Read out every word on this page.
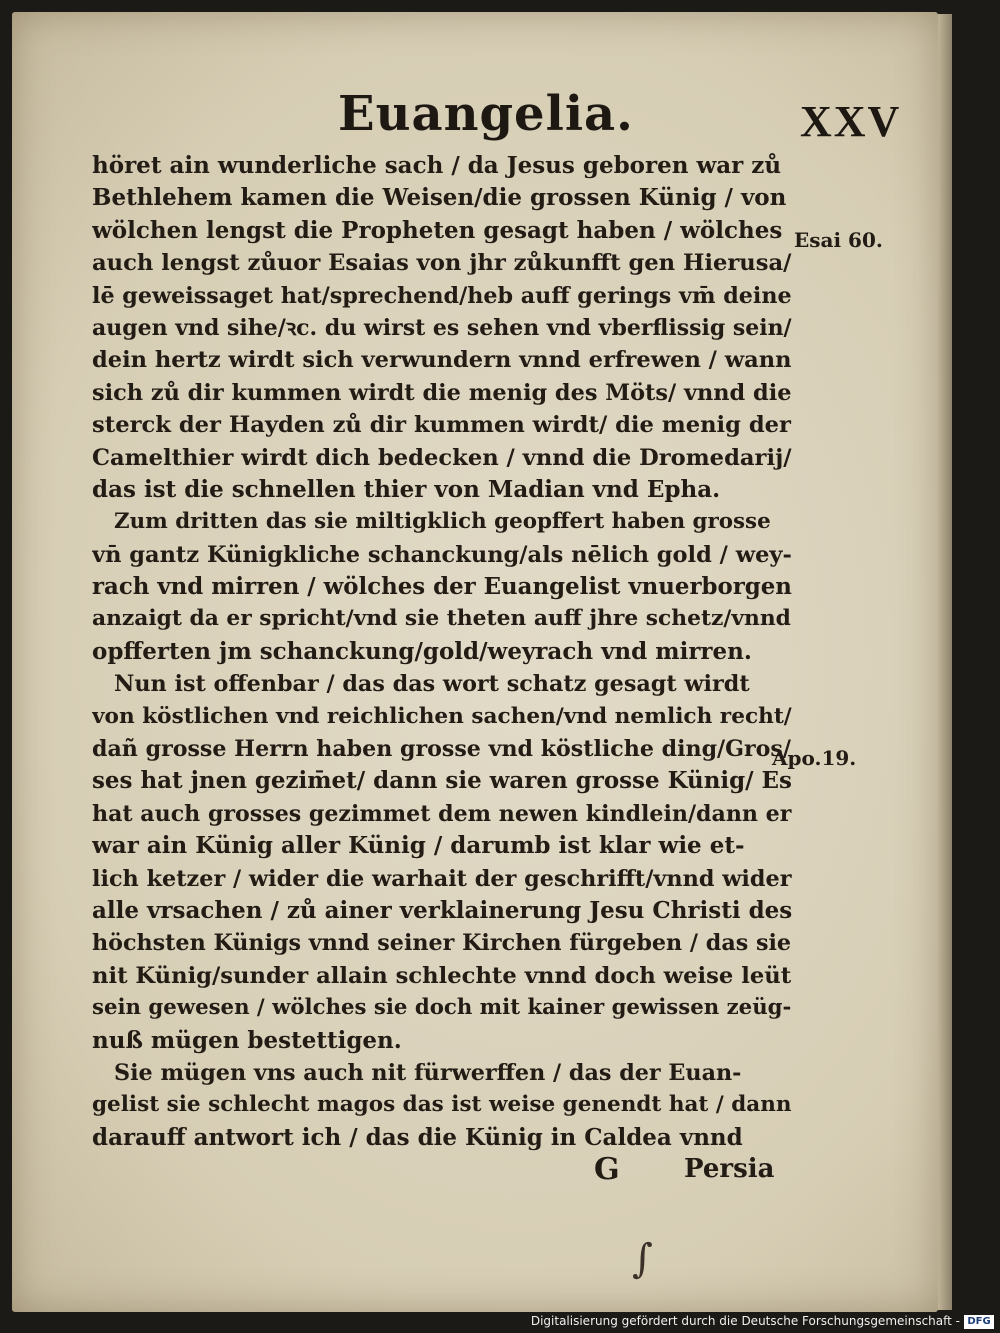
Euangelia.	XXV
höret ain wunderliche sach / da Jesus geboren war zů
Bethlehem kamen die Weisen/die grossen Künig / von
wölchen lengst die Propheten gesagt haben / wölches
auch lengst zůuor Esaias von jhr zůkunfft gen Hierusa/
lē geweissaget hat/sprechend/heb auff gerings vm̄ deine
augen vnd sihe/ꝛc. du wirst es sehen vnd vberflissig sein/
dein hertz wirdt sich verwundern vnnd erfrewen / wann
sich zů dir kummen wirdt die menig des Möts/ vnnd die
sterck der Hayden zů dir kummen wirdt/ die menig der
Camelthier wirdt dich bedecken / vnnd die Dromedarij/
das ist die schnellen thier von Madian vnd Epha.
Zum dritten das sie miltigklich geopffert haben grosse
vn̄ gantz Künigkliche schanckung/als nēlich gold / wey-
rach vnd mirren / wölches der Euangelist vnuerborgen
anzaigt da er spricht/vnd sie theten auff jhre schetz/vnnd
opfferten jm schanckung/gold/weyrach vnd mirren.
Nun ist offenbar / das das wort schatz gesagt wirdt
von köstlichen vnd reichlichen sachen/vnd nemlich recht/
dañ grosse Herrn haben grosse vnd köstliche ding/Gros/
ses hat jnen gezim̄et/ dann sie waren grosse Künig/ Es
hat auch grosses gezimmet dem newen kindlein/dann er
war ain Künig aller Künig / darumb ist klar wie et-
lich ketzer / wider die warhait der geschrifft/vnnd wider
alle vrsachen / zů ainer verklainerung Jesu Christi des
höchsten Künigs vnnd seiner Kirchen fürgeben / das sie
nit Künig/sunder allain schlechte vnnd doch weise leüt
sein gewesen / wölches sie doch mit kainer gewissen zeüg-
nuß mügen bestettigen.
Sie mügen vns auch nit fürwerffen / das der Euan-
gelist sie schlecht magos das ist weise genendt hat / dann
darauff antwort ich / das die Künig in Caldea vnnd
Esai 60.
Apo.19.
G Persia
∫
Digitalisierung gefördert durch die Deutsche Forschungsgemeinschaft - DFG
